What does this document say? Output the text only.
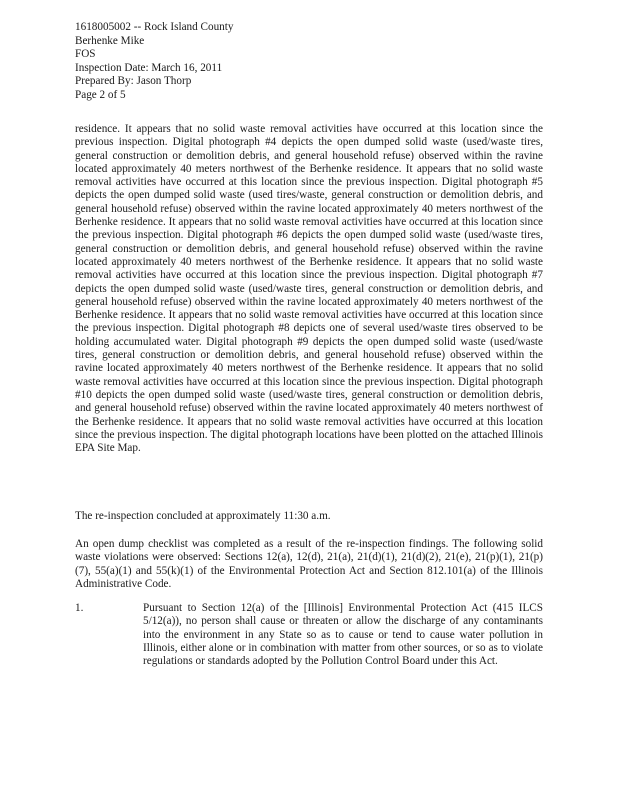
1618005002 -- Rock Island County
Berhenke Mike
FOS
Inspection Date: March 16, 2011
Prepared By: Jason Thorp
Page 2 of 5

residence. It appears that no solid waste removal activities have occurred at this location since the previous inspection. Digital photograph #4 depicts the open dumped solid waste (used/waste tires, general construction or demolition debris, and general household refuse) observed within the ravine located approximately 40 meters northwest of the Berhenke residence. It appears that no solid waste removal activities have occurred at this location since the previous inspection. Digital photograph #5 depicts the open dumped solid waste (used tires/waste, general construction or demolition debris, and general household refuse) observed within the ravine located approximately 40 meters northwest of the Berhenke residence. It appears that no solid waste removal activities have occurred at this location since the previous inspection. Digital photograph #6 depicts the open dumped solid waste (used/waste tires, general construction or demolition debris, and general household refuse) observed within the ravine located approximately 40 meters northwest of the Berhenke residence. It appears that no solid waste removal activities have occurred at this location since the previous inspection. Digital photograph #7 depicts the open dumped solid waste (used/waste tires, general construction or demolition debris, and general household refuse) observed within the ravine located approximately 40 meters northwest of the Berhenke residence. It appears that no solid waste removal activities have occurred at this location since the previous inspection. Digital photograph #8 depicts one of several used/waste tires observed to be holding accumulated water. Digital photograph #9 depicts the open dumped solid waste (used/waste tires, general construction or demolition debris, and general household refuse) observed within the ravine located approximately 40 meters northwest of the Berhenke residence. It appears that no solid waste removal activities have occurred at this location since the previous inspection. Digital photograph #10 depicts the open dumped solid waste (used/waste tires, general construction or demolition debris, and general household refuse) observed within the ravine located approximately 40 meters northwest of the Berhenke residence. It appears that no solid waste removal activities have occurred at this location since the previous inspection. The digital photograph locations have been plotted on the attached Illinois EPA Site Map.

The re-inspection concluded at approximately 11:30 a.m.
An open dump checklist was completed as a result of the re-inspection findings. The following solid waste violations were observed: Sections 12(a), 12(d), 21(a), 21(d)(1), 21(d)(2), 21(e), 21(p)(1), 21(p)(7), 55(a)(1) and 55(k)(1) of the Environmental Protection Act and Section 812.101(a) of the Illinois Administrative Code.
1.	Pursuant to Section 12(a) of the [Illinois] Environmental Protection Act (415 ILCS 5/12(a)), no person shall cause or threaten or allow the discharge of any contaminants into the environment in any State so as to cause or tend to cause water pollution in Illinois, either alone or in combination with matter from other sources, or so as to violate regulations or standards adopted by the Pollution Control Board under this Act.
